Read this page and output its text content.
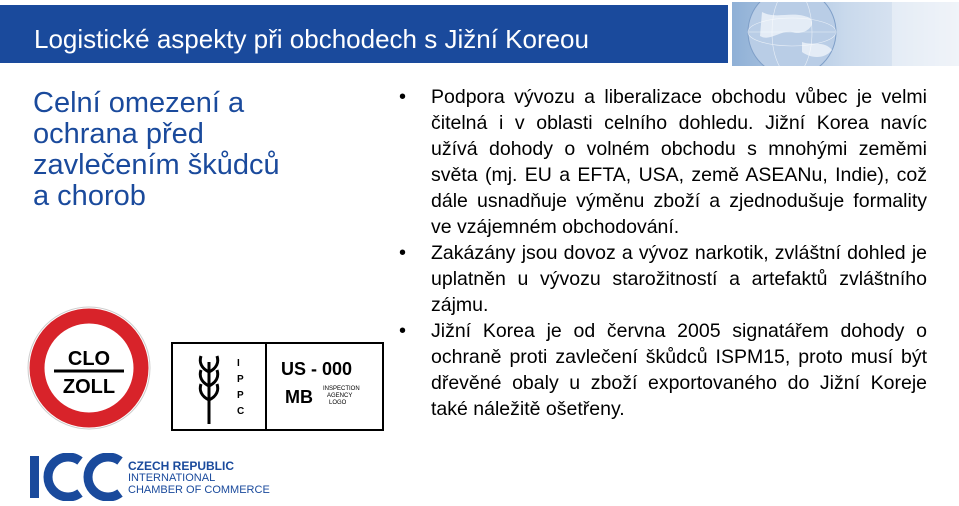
Logistické aspekty při obchodech s Jižní Koreou
Celní omezení a
ochrana před
zavlečením škůdců
a chorob
• Podpora vývozu a liberalizace obchodu vůbec je velmi čitelná i v oblasti celního dohledu. Jižní Korea navíc užívá dohody o volném obchodu s mnohými zeměmi světa (mj. EU a EFTA, USA, země ASEANu, Indie), což dále usnadňuje výměnu zboží a zjednodušuje formality ve vzájemném obchodování.
• Zakázány jsou dovoz a vývoz narkotik, zvláštní dohled je uplatněn u vývozu starožitností a artefaktů zvláštního zájmu.
• Jižní Korea je od června 2005 signatářem dohody o ochraně proti zavlečení škůdců ISPM15, proto musí být dřevěné obaly u zboží exportovaného do Jižní Koreje také náležitě ošetřeny.
CLO
ZOLL
I
P
P
C
US - 000
MB INSPECTION
AGENCY
LOGO
CZECH REPUBLIC
INTERNATIONAL
CHAMBER OF COMMERCE
